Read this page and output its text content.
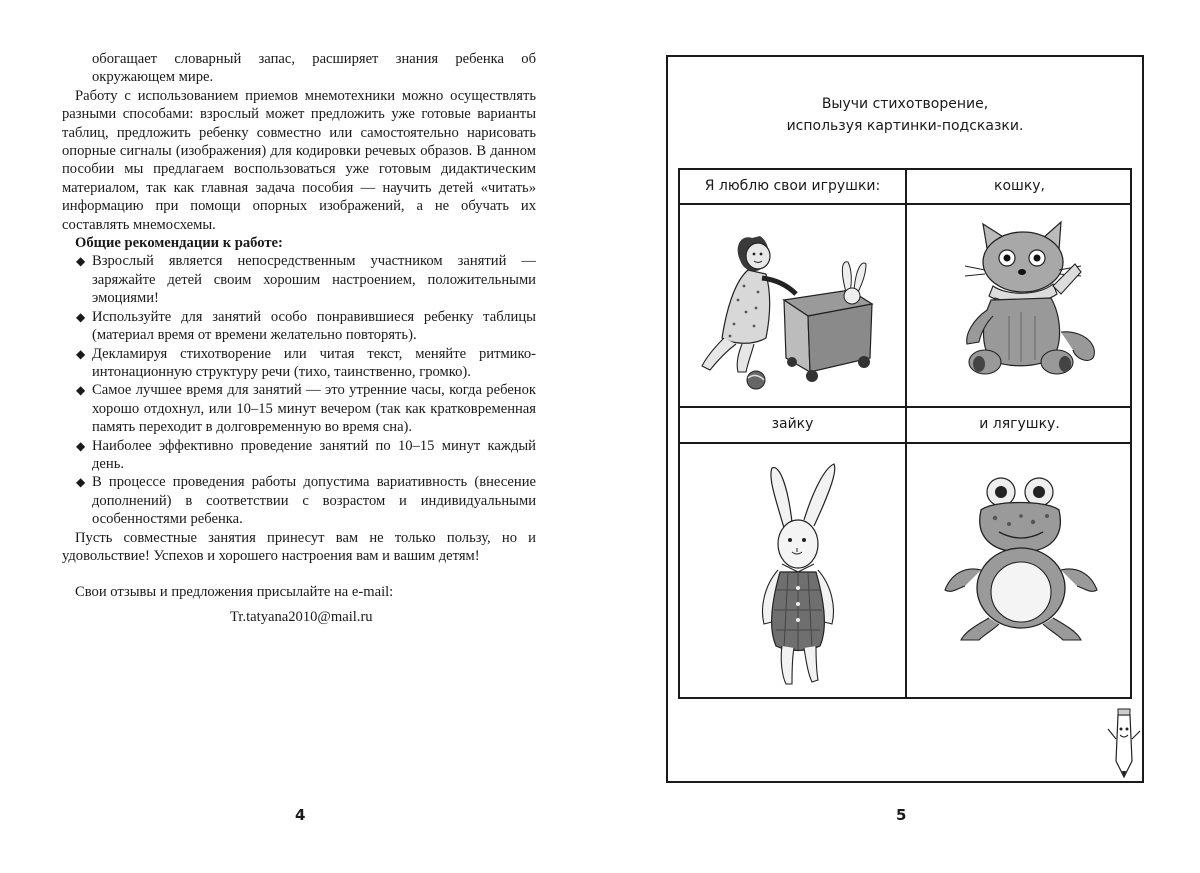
обогащает словарный запас, расширяет знания ребенка об окружающем мире.

Работу с использованием приемов мнемотехники можно осуществлять разными способами: взрослый может предложить уже готовые варианты таблиц, предложить ребенку совместно или самостоятельно нарисовать опорные сигналы (изображения) для кодировки речевых образов. В данном пособии мы предлагаем воспользоваться уже готовым дидактическим материалом, так как главная задача пособия — научить детей «читать» информацию при помощи опорных изображений, а не обучать их составлять мнемосхемы.

Общие рекомендации к работе:

◆ Взрослый является непосредственным участником занятий — заряжайте детей своим хорошим настроением, положительными эмоциями!

◆ Используйте для занятий особо понравившиеся ребенку таблицы (материал время от времени желательно повторять).

◆ Декламируя стихотворение или читая текст, меняйте ритмико-интонационную структуру речи (тихо, таинственно, громко).

◆ Самое лучшее время для занятий — это утренние часы, когда ребенок хорошо отдохнул, или 10–15 минут вечером (так как кратковременная память переходит в долговременную во время сна).

◆ Наиболее эффективно проведение занятий по 10–15 минут каждый день.

◆ В процессе проведения работы допустима вариативность (внесение дополнений) в соответствии с возрастом и индивидуальными особенностями ребенка.

Пусть совместные занятия принесут вам не только пользу, но и удовольствие! Успехов и хорошего настроения вам и вашим детям!

Свои отзывы и предложения присылайте на e-mail:

Tr.tatyana2010@mail.ru

4
Выучи стихотворение,
используя картинки-подсказки.
Я люблю свои игрушки:	кошку,
зайку	и лягушку.
5
